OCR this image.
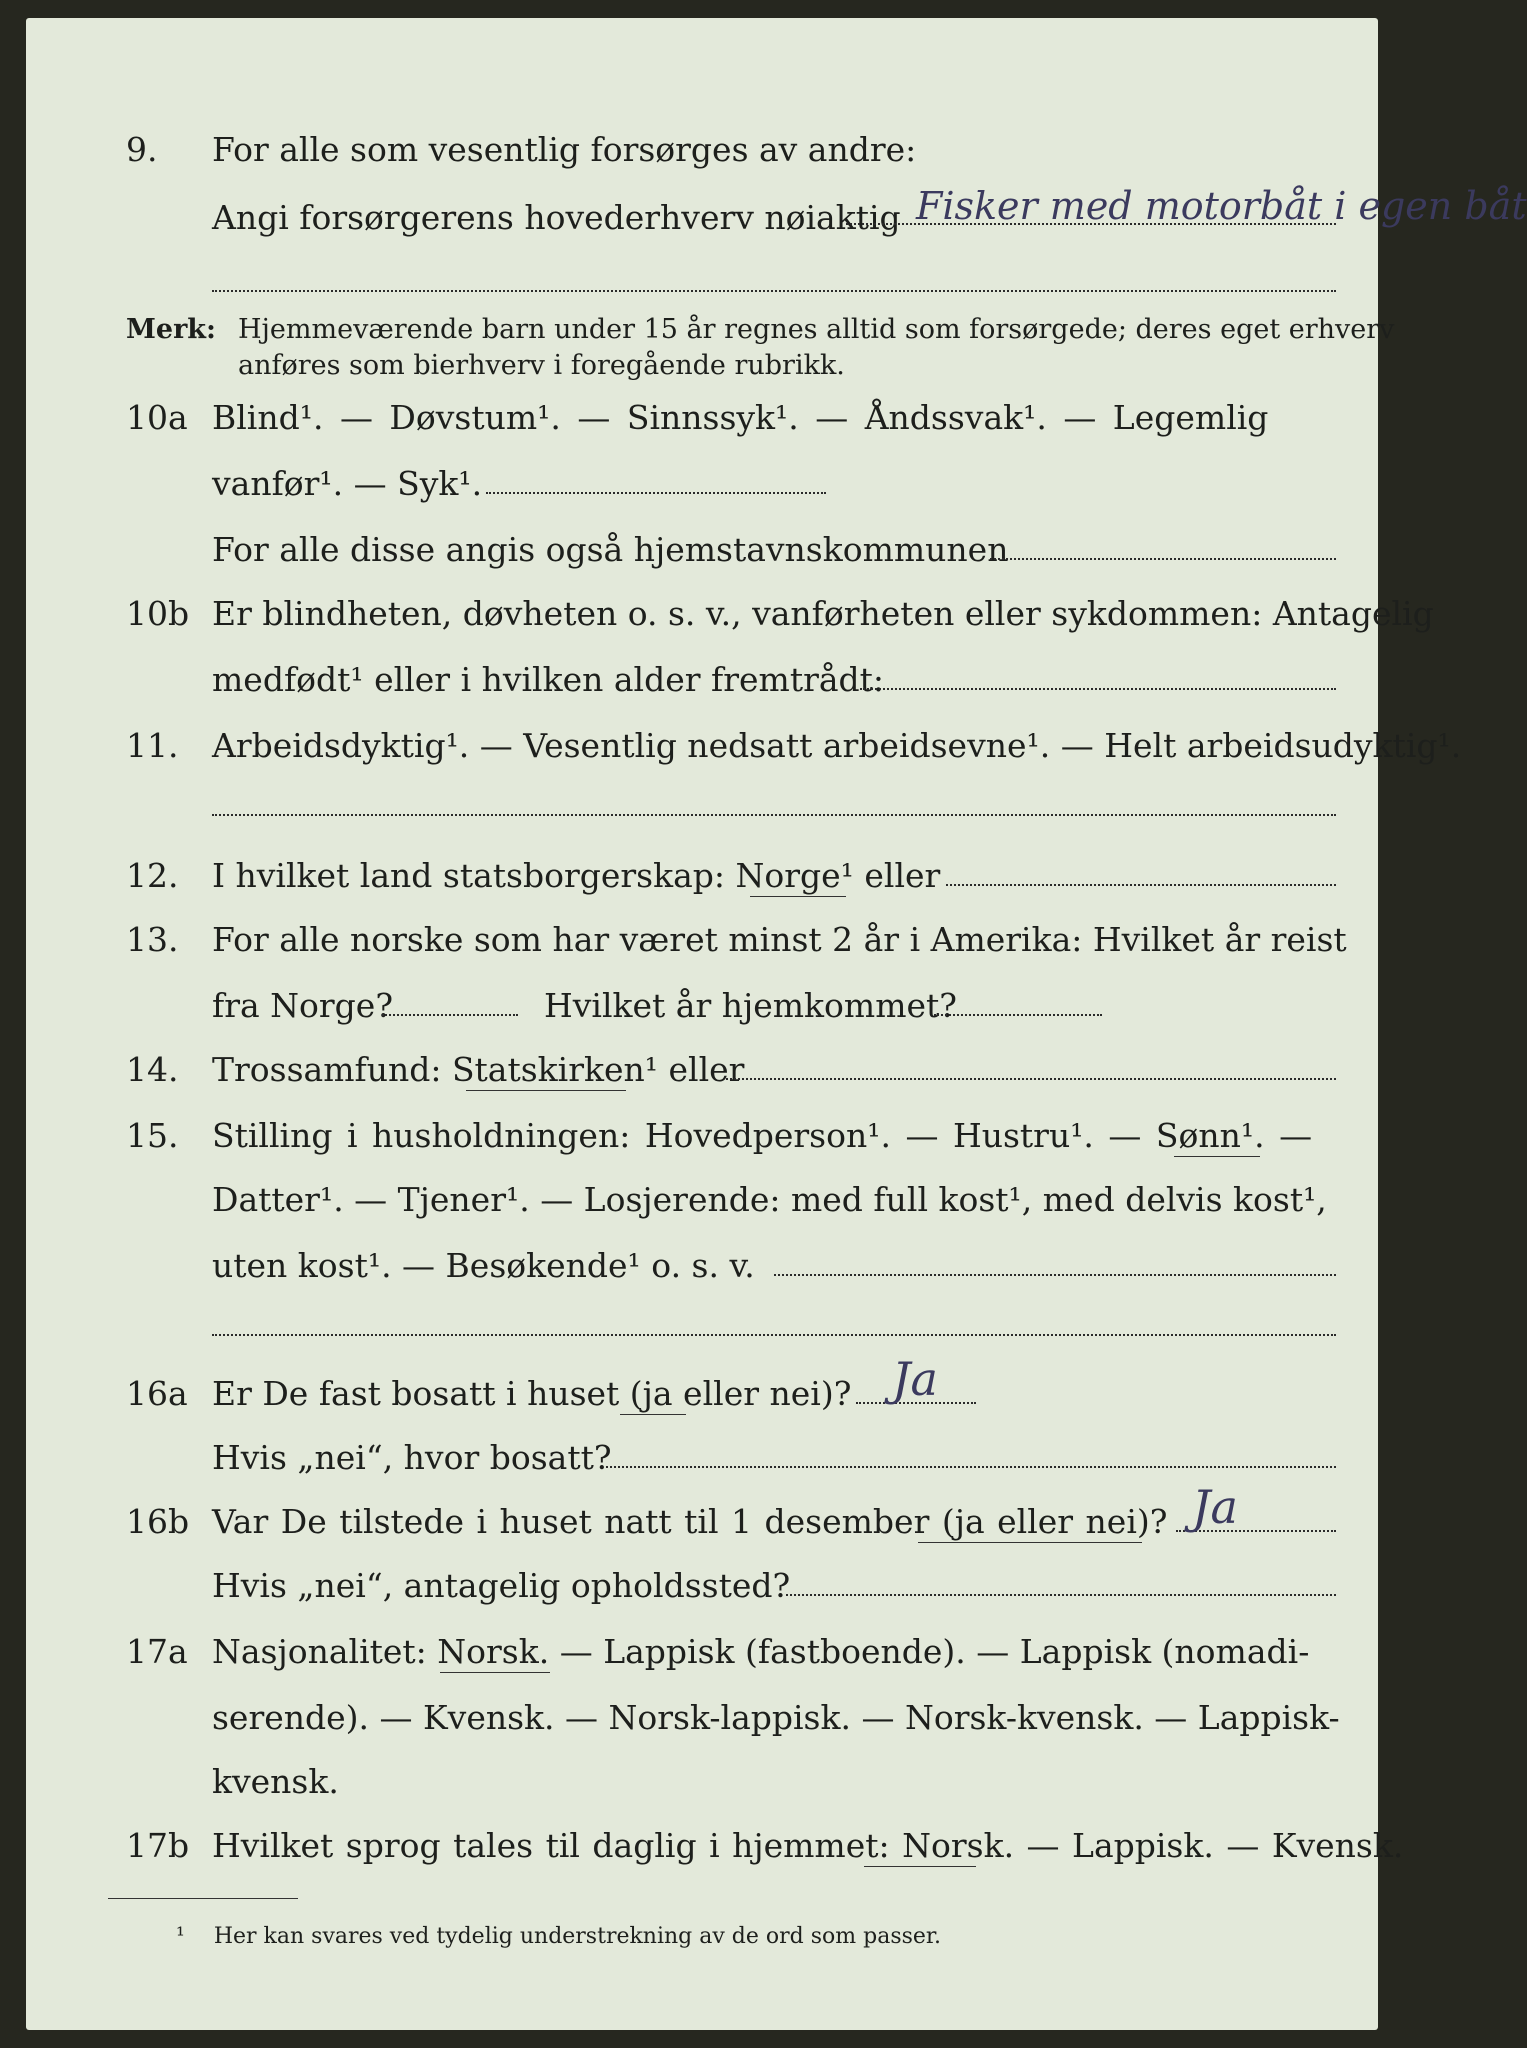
9. For alle som vesentlig forsørges av andre:
Angi forsørgerens hovederhverv nøiaktig Fisker med motorbåt i egen båt
Merk: Hjemmeværende barn under 15 år regnes alltid som forsørgede; deres eget erhverv
anføres som bierhverv i foregående rubrikk.
10a Blind¹. — Døvstum¹. — Sinnssyk¹. — Åndssvak¹. — Legemlig
vanfør¹. — Syk¹.
For alle disse angis også hjemstavnskommunen
10b Er blindheten, døvheten o. s. v., vanførheten eller sykdommen: Antagelig
medfødt¹ eller i hvilken alder fremtrådt:
11. Arbeidsdyktig¹. — Vesentlig nedsatt arbeidsevne¹. — Helt arbeidsudyktig¹.
12. I hvilket land statsborgerskap: Norge¹ eller
13. For alle norske som har været minst 2 år i Amerika: Hvilket år reist
fra Norge?	Hvilket år hjemkommet?
14. Trossamfund: Statskirken¹ eller
15. Stilling i husholdningen: Hovedperson¹. — Hustru¹. — Sønn¹. —
Datter¹. — Tjener¹. — Losjerende: med full kost¹, med delvis kost¹,
uten kost¹. — Besøkende¹ o. s. v.
16a Er De fast bosatt i huset (ja eller nei)? Ja
Hvis „nei“, hvor bosatt?
16b Var De tilstede i huset natt til 1 desember (ja eller nei)? Ja
Hvis „nei“, antagelig opholdssted?
17a Nasjonalitet: Norsk. — Lappisk (fastboende). — Lappisk (nomadi-
serende). — Kvensk. — Norsk-lappisk. — Norsk-kvensk. — Lappisk-
kvensk.
17b Hvilket sprog tales til daglig i hjemmet: Norsk. — Lappisk. — Kvensk.
¹ Her kan svares ved tydelig understrekning av de ord som passer.
